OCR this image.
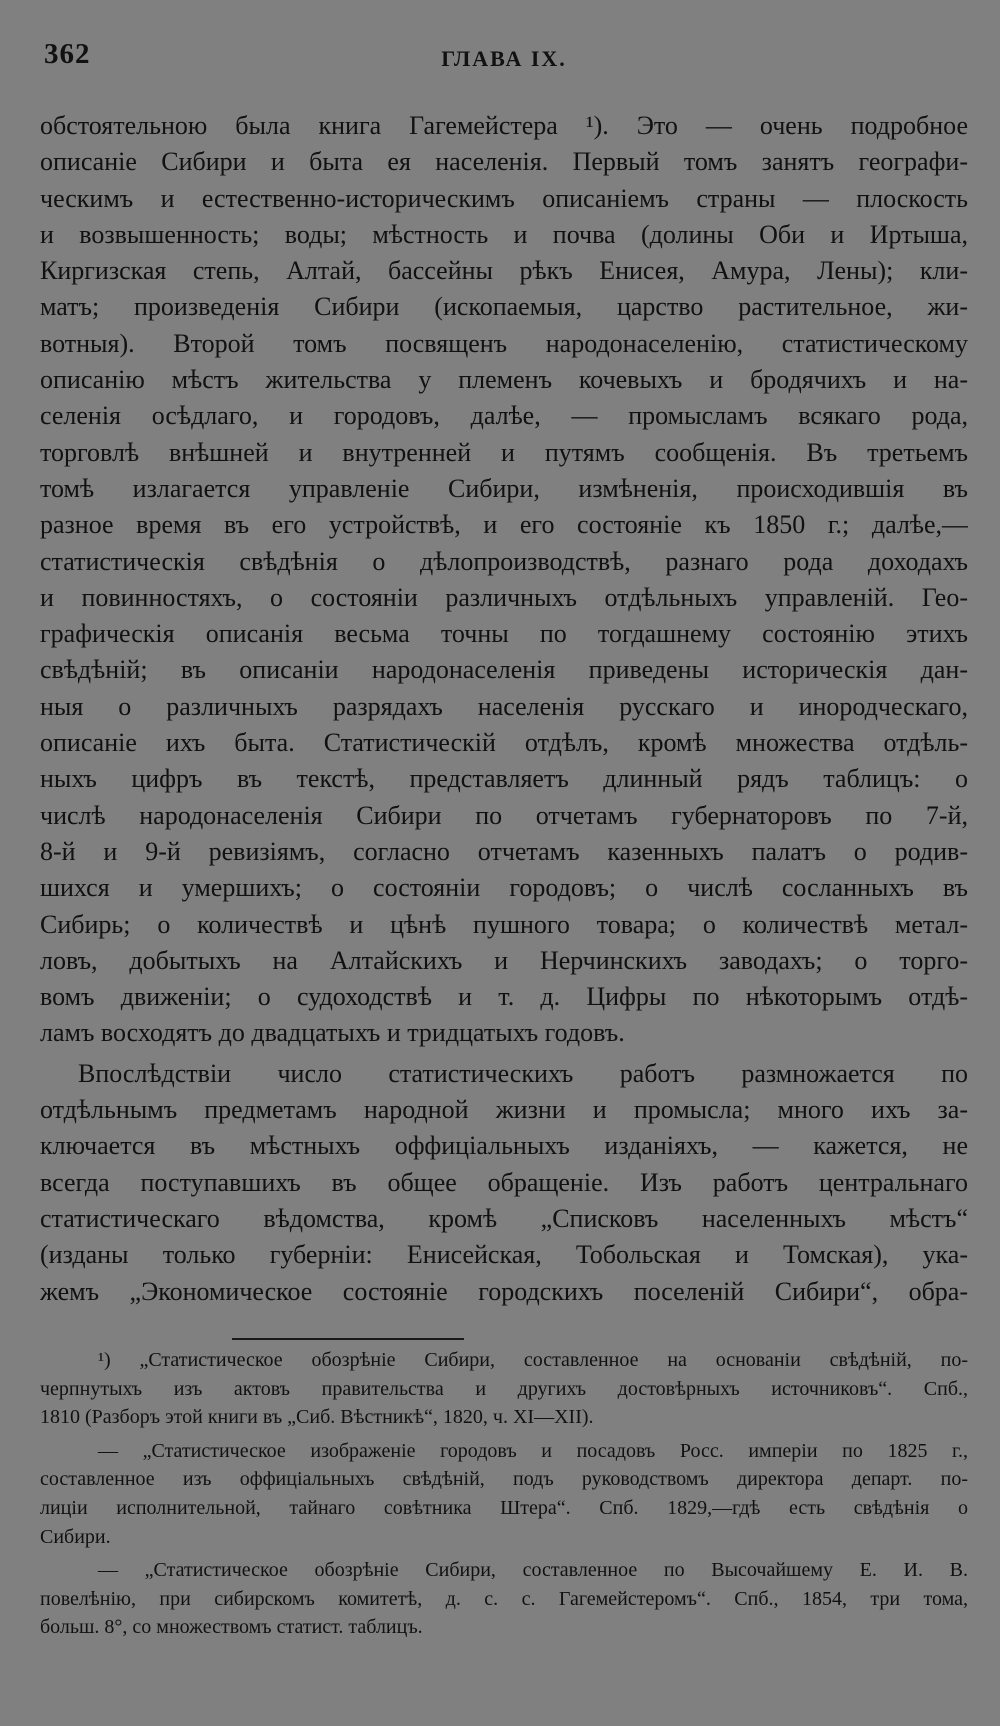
362	ГЛАВА IX.
обстоятельною была книга Гагемейстера ¹). Это — очень подробное
описаніе Сибири и быта ея населенія. Первый томъ занятъ географи-
ческимъ и естественно-историческимъ описаніемъ страны — плоскость
и возвышенность; воды; мѣстность и почва (долины Оби и Иртыша,
Киргизская степь, Алтай, бассейны рѣкъ Енисея, Амура, Лены); кли-
матъ; произведенія Сибири (ископаемыя, царство растительное, жи-
вотныя). Второй томъ посвященъ народонаселенію, статистическому
описанію мѣстъ жительства у племенъ кочевыхъ и бродячихъ и на-
селенія осѣдлаго, и городовъ, далѣе, — промысламъ всякаго рода,
торговлѣ внѣшней и внутренней и путямъ сообщенія. Въ третьемъ
томѣ излагается управленіе Сибири, измѣненія, происходившія въ
разное время въ его устройствѣ, и его состояніе къ 1850 г.; далѣе,—
статистическія свѣдѣнія о дѣлопроизводствѣ, разнаго рода доходахъ
и повинностяхъ, о состояніи различныхъ отдѣльныхъ управленій. Гео-
графическія описанія весьма точны по тогдашнему состоянію этихъ
свѣдѣній; въ описаніи народонаселенія приведены историческія дан-
ныя о различныхъ разрядахъ населенія русскаго и инородческаго,
описаніе ихъ быта. Статистическій отдѣлъ, кромѣ множества отдѣль-
ныхъ цифръ въ текстѣ, представляетъ длинный рядъ таблицъ: о
числѣ народонаселенія Сибири по отчетамъ губернаторовъ по 7-й,
8-й и 9-й ревизіямъ, согласно отчетамъ казенныхъ палатъ о родив-
шихся и умершихъ; о состояніи городовъ; о числѣ сосланныхъ въ
Сибирь; о количествѣ и цѣнѣ пушного товара; о количествѣ метал-
ловъ, добытыхъ на Алтайскихъ и Нерчинскихъ заводахъ; о торго-
вомъ движеніи; о судоходствѣ и т. д. Цифры по нѣкоторымъ отдѣ-
ламъ восходятъ до двадцатыхъ и тридцатыхъ годовъ.
Впослѣдствіи число статистическихъ работъ размножается по
отдѣльнымъ предметамъ народной жизни и промысла; много ихъ за-
ключается въ мѣстныхъ оффиціальныхъ изданіяхъ, — кажется, не
всегда поступавшихъ въ общее обращеніе. Изъ работъ центральнаго
статистическаго вѣдомства, кромѣ „Списковъ населенныхъ мѣстъ“
(изданы только губерніи: Енисейская, Тобольская и Томская), ука-
жемъ „Экономическое состояніе городскихъ поселеній Сибири“, обра-
¹) „Статистическое обозрѣніе Сибири, составленное на основаніи свѣдѣній, по-
черпнутыхъ изъ актовъ правительства и другихъ достовѣрныхъ источниковъ“. Спб.,
1810 (Разборъ этой книги въ „Сиб. Вѣстникѣ“, 1820, ч. XI—XII).
— „Статистическое изображеніе городовъ и посадовъ Росс. имперіи по 1825 г.,
составленное изъ оффиціальныхъ свѣдѣній, подъ руководствомъ директора департ. по-
лиціи исполнительной, тайнаго совѣтника Штера“. Спб. 1829,—гдѣ есть свѣдѣнія о
Сибири.
— „Статистическое обозрѣніе Сибири, составленное по Высочайшему Е. И. В.
повелѣнію, при сибирскомъ комитетѣ, д. с. с. Гагемейстеромъ“. Спб., 1854, три тома,
больш. 8°, со множествомъ статист. таблицъ.
